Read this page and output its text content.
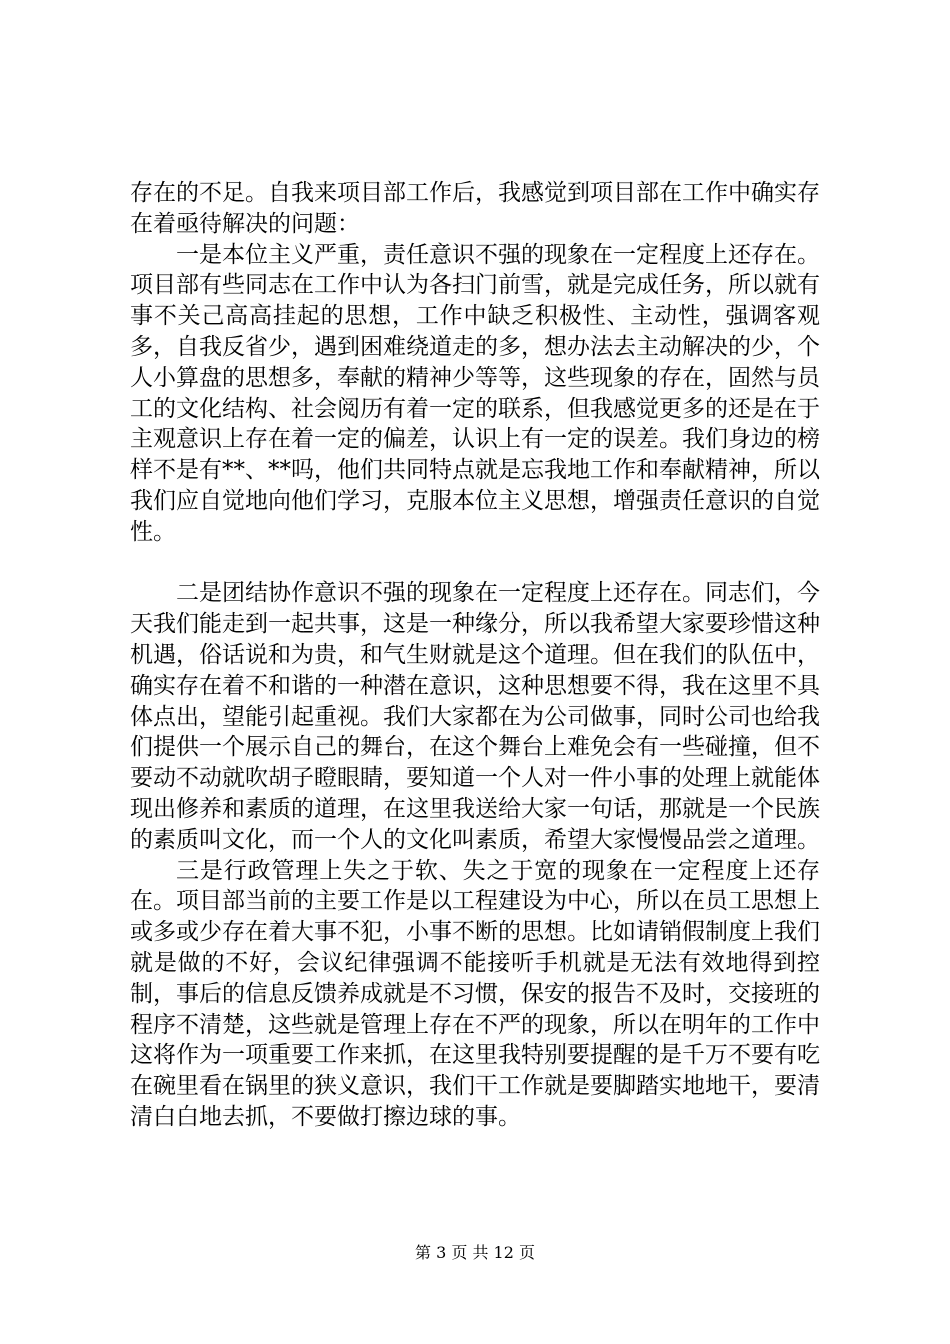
存在的不足。自我来项目部工作后，我感觉到项目部在工作中确实存在着亟待解决的问题：

一是本位主义严重，责任意识不强的现象在一定程度上还存在。项目部有些同志在工作中认为各扫门前雪，就是完成任务，所以就有事不关己高高挂起的思想，工作中缺乏积极性、主动性，强调客观多，自我反省少，遇到困难绕道走的多，想办法去主动解决的少，个人小算盘的思想多，奉献的精神少等等，这些现象的存在，固然与员工的文化结构、社会阅历有着一定的联系，但我感觉更多的还是在于主观意识上存在着一定的偏差，认识上有一定的误差。我们身边的榜样不是有**、**吗，他们共同特点就是忘我地工作和奉献精神，所以我们应自觉地向他们学习，克服本位主义思想，增强责任意识的自觉性。

二是团结协作意识不强的现象在一定程度上还存在。同志们，今天我们能走到一起共事，这是一种缘分，所以我希望大家要珍惜这种机遇，俗话说和为贵，和气生财就是这个道理。但在我们的队伍中，确实存在着不和谐的一种潜在意识，这种思想要不得，我在这里不具体点出，望能引起重视。我们大家都在为公司做事，同时公司也给我们提供一个展示自己的舞台，在这个舞台上难免会有一些碰撞，但不要动不动就吹胡子瞪眼睛，要知道一个人对一件小事的处理上就能体现出修养和素质的道理，在这里我送给大家一句话，那就是一个民族的素质叫文化，而一个人的文化叫素质，希望大家慢慢品尝之道理。

三是行政管理上失之于软、失之于宽的现象在一定程度上还存在。项目部当前的主要工作是以工程建设为中心，所以在员工思想上或多或少存在着大事不犯，小事不断的思想。比如请销假制度上我们就是做的不好，会议纪律强调不能接听手机就是无法有效地得到控制，事后的信息反馈养成就是不习惯，保安的报告不及时，交接班的程序不清楚，这些就是管理上存在不严的现象，所以在明年的工作中这将作为一项重要工作来抓，在这里我特别要提醒的是千万不要有吃在碗里看在锅里的狭义意识，我们干工作就是要脚踏实地地干，要清清白白地去抓，不要做打擦边球的事。

第 3 页 共 12 页
